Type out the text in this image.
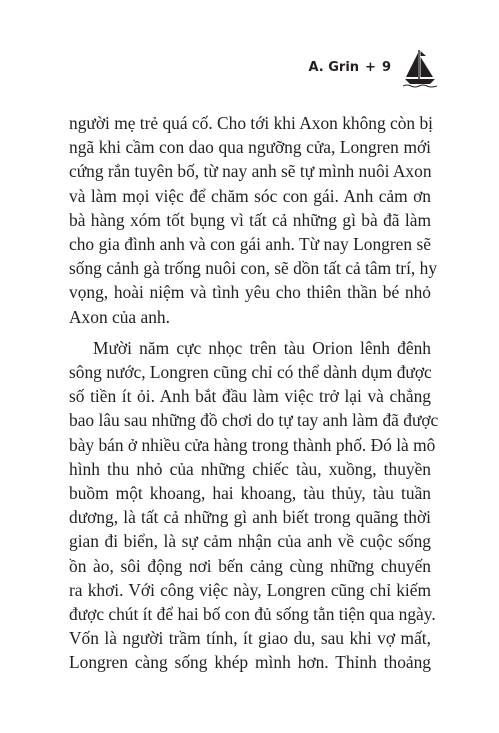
A. Grin + 9

người mẹ trẻ quá cố. Cho tới khi Axon không còn bị
ngã khi cầm con dao qua ngưỡng cửa, Longren mới
cứng rắn tuyên bố, từ nay anh sẽ tự mình nuôi Axon
và làm mọi việc để chăm sóc con gái. Anh cảm ơn
bà hàng xóm tốt bụng vì tất cả những gì bà đã làm
cho gia đình anh và con gái anh. Từ nay Longren sẽ
sống cảnh gà trống nuôi con, sẽ dồn tất cả tâm trí, hy
vọng, hoài niệm và tình yêu cho thiên thần bé nhỏ
Axon của anh.

Mười năm cực nhọc trên tàu Orion lênh đênh
sông nước, Longren cũng chỉ có thể dành dụm được
số tiền ít ỏi. Anh bắt đầu làm việc trở lại và chẳng
bao lâu sau những đồ chơi do tự tay anh làm đã được
bày bán ở nhiều cửa hàng trong thành phố. Đó là mô
hình thu nhỏ của những chiếc tàu, xuồng, thuyền
buồm một khoang, hai khoang, tàu thủy, tàu tuần
dương, là tất cả những gì anh biết trong quãng thời
gian đi biển, là sự cảm nhận của anh về cuộc sống
ồn ào, sôi động nơi bến cảng cùng những chuyến
ra khơi. Với công việc này, Longren cũng chỉ kiếm
được chút ít để hai bố con đủ sống tằn tiện qua ngày.
Vốn là người trầm tính, ít giao du, sau khi vợ mất,
Longren càng sống khép mình hơn. Thỉnh thoảng
